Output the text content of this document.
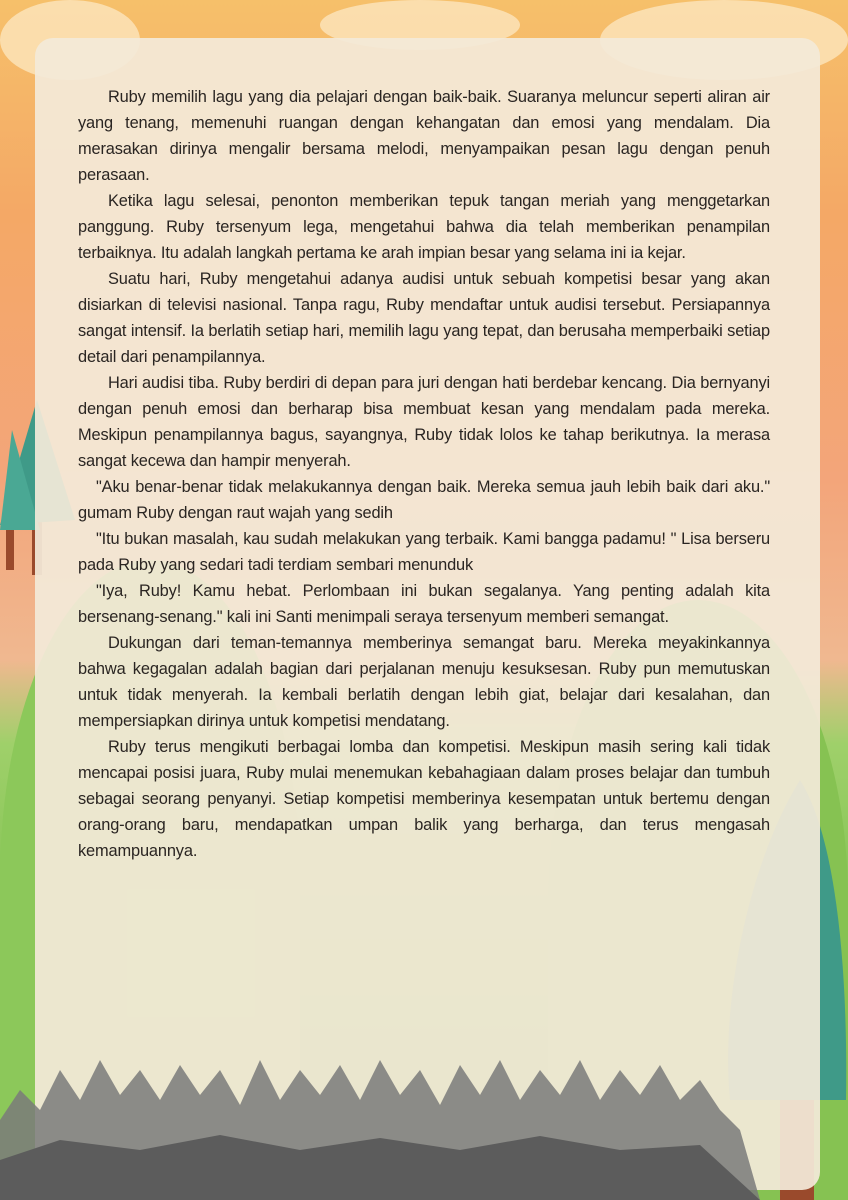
Ruby memilih lagu yang dia pelajari dengan baik-baik. Suaranya meluncur seperti aliran air yang tenang, memenuhi ruangan dengan kehangatan dan emosi yang mendalam. Dia merasakan dirinya mengalir bersama melodi, menyampaikan pesan lagu dengan penuh perasaan.

Ketika lagu selesai, penonton memberikan tepuk tangan meriah yang menggetarkan panggung. Ruby tersenyum lega, mengetahui bahwa dia telah memberikan penampilan terbaiknya. Itu adalah langkah pertama ke arah impian besar yang selama ini ia kejar.

Suatu hari, Ruby mengetahui adanya audisi untuk sebuah kompetisi besar yang akan disiarkan di televisi nasional. Tanpa ragu, Ruby mendaftar untuk audisi tersebut. Persiapannya sangat intensif. Ia berlatih setiap hari, memilih lagu yang tepat, dan berusaha memperbaiki setiap detail dari penampilannya.

Hari audisi tiba. Ruby berdiri di depan para juri dengan hati berdebar kencang. Dia bernyanyi dengan penuh emosi dan berharap bisa membuat kesan yang mendalam pada mereka. Meskipun penampilannya bagus, sayangnya, Ruby tidak lolos ke tahap berikutnya. Ia merasa sangat kecewa dan hampir menyerah.

"Aku benar-benar tidak melakukannya dengan baik. Mereka semua jauh lebih baik dari aku." gumam Ruby dengan raut wajah yang sedih

"Itu bukan masalah, kau sudah melakukan yang terbaik. Kami bangga padamu! " Lisa berseru pada Ruby yang sedari tadi terdiam sembari menunduk

"Iya, Ruby! Kamu hebat. Perlombaan ini bukan segalanya. Yang penting adalah kita bersenang-senang." kali ini Santi menimpali seraya tersenyum memberi semangat.

Dukungan dari teman-temannya memberinya semangat baru. Mereka meyakinkannya bahwa kegagalan adalah bagian dari perjalanan menuju kesuksesan. Ruby pun memutuskan untuk tidak menyerah. Ia kembali berlatih dengan lebih giat, belajar dari kesalahan, dan mempersiapkan dirinya untuk kompetisi mendatang.

Ruby terus mengikuti berbagai lomba dan kompetisi. Meskipun masih sering kali tidak mencapai posisi juara, Ruby mulai menemukan kebahagiaan dalam proses belajar dan tumbuh sebagai seorang penyanyi. Setiap kompetisi memberinya kesempatan untuk bertemu dengan orang-orang baru, mendapatkan umpan balik yang berharga, dan terus mengasah kemampuannya.
